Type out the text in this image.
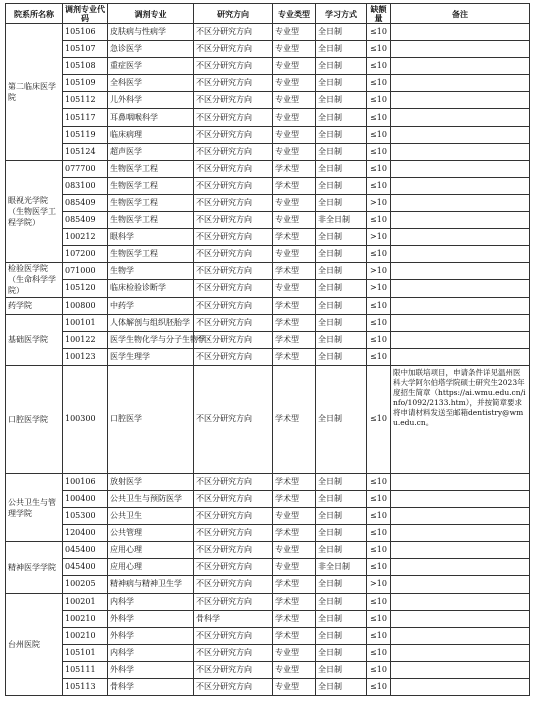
院系所名称	调剂专业代码	调剂专业	研究方向	专业类型	学习方式	缺额量	备注
第二临床医学院	105106	皮肤病与性病学	不区分研究方向	专业型	全日制	≤10	
	105107	急诊医学	不区分研究方向	专业型	全日制	≤10	
	105108	重症医学	不区分研究方向	专业型	全日制	≤10	
	105109	全科医学	不区分研究方向	专业型	全日制	≤10	
	105112	儿外科学	不区分研究方向	专业型	全日制	≤10	
	105117	耳鼻咽喉科学	不区分研究方向	专业型	全日制	≤10	
	105119	临床病理	不区分研究方向	专业型	全日制	≤10	
	105124	超声医学	不区分研究方向	专业型	全日制	≤10	
眼视光学院（生物医学工程学院）	077700	生物医学工程	不区分研究方向	学术型	全日制	≤10	
	083100	生物医学工程	不区分研究方向	学术型	全日制	≤10	
	085409	生物医学工程	不区分研究方向	专业型	全日制	>10	
	085409	生物医学工程	不区分研究方向	专业型	非全日制	≤10	
	100212	眼科学	不区分研究方向	学术型	全日制	>10	
	107200	生物医学工程	不区分研究方向	专业型	全日制	≤10	
检验医学院（生命科学学院）	071000	生物学	不区分研究方向	学术型	全日制	>10	
	105120	临床检验诊断学	不区分研究方向	专业型	全日制	>10	
药学院	100800	中药学	不区分研究方向	学术型	全日制	≤10	
基础医学院	100101	人体解剖与组织胚胎学	不区分研究方向	学术型	全日制	≤10	
	100122	医学生物化学与分子生物学	不区分研究方向	学术型	全日制	≤10	
	100123	医学生理学	不区分研究方向	学术型	全日制	≤10	
口腔医学院	100300	口腔医学	不区分研究方向	学术型	全日制	≤10	限中加联培项目，申请条件详见温州医科大学阿尔伯塔学院硕士研究生2023年度招生简章（https://ai.wmu.edu.cn/info/1092/2133.htm），并按简章要求将申请材料发送至邮箱dentistry@wmu.edu.cn。
公共卫生与管理学院	100106	放射医学	不区分研究方向	学术型	全日制	≤10	
	100400	公共卫生与预防医学	不区分研究方向	学术型	全日制	≤10	
	105300	公共卫生	不区分研究方向	专业型	全日制	≤10	
	120400	公共管理	不区分研究方向	学术型	全日制	≤10	
精神医学学院	045400	应用心理	不区分研究方向	专业型	全日制	≤10	
	045400	应用心理	不区分研究方向	专业型	非全日制	≤10	
	100205	精神病与精神卫生学	不区分研究方向	学术型	全日制	>10	
台州医院	100201	内科学	不区分研究方向	学术型	全日制	≤10	
	100210	外科学	骨科学	学术型	全日制	≤10	
	100210	外科学	不区分研究方向	学术型	全日制	≤10	
	105101	内科学	不区分研究方向	专业型	全日制	≤10	
	105111	外科学	不区分研究方向	专业型	全日制	≤10	
	105113	骨科学	不区分研究方向	专业型	全日制	≤10	
